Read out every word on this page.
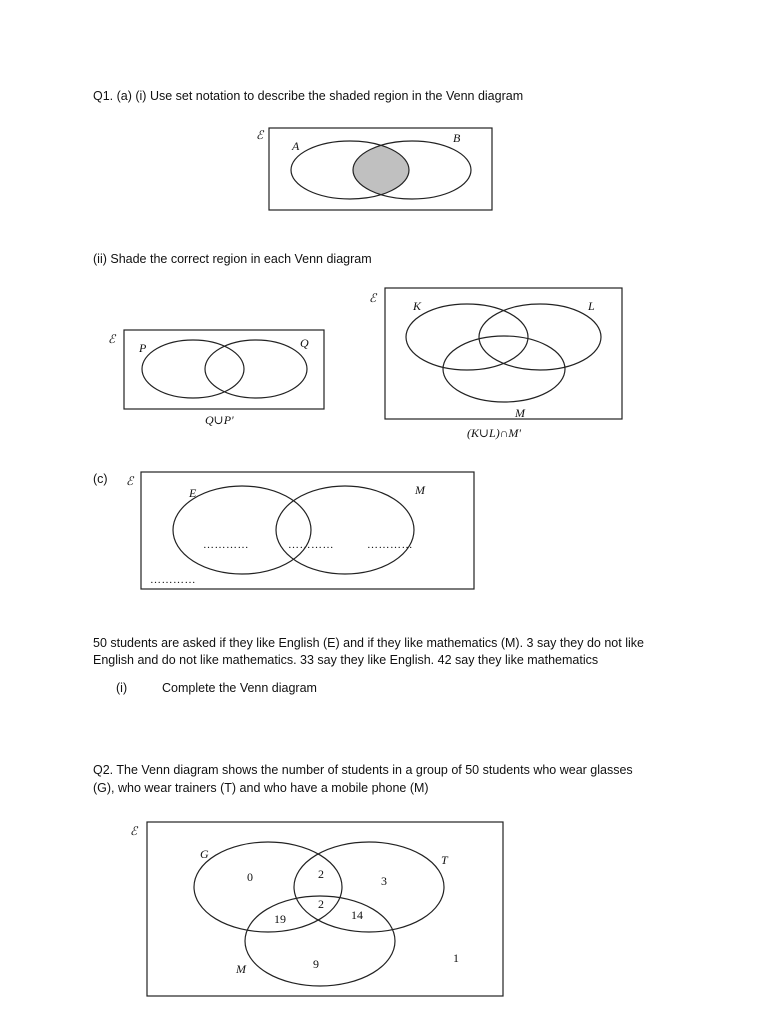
Q1. (a) (i) Use set notation to describe the shaded region in the Venn diagram
(ii) Shade the correct region in each Venn diagram
(c)
50 students are asked if they like English (E) and if they like mathematics (M). 3 say they do not like
English and do not like mathematics. 33 say they like English. 42 say they like mathematics
(i)	Complete the Venn diagram
Q2. The Venn diagram shows the number of students in a group of 50 students who wear glasses
(G), who wear trainers (T) and who have a mobile phone (M)
ℰ
A
B
ℰ
P	Q
Q∪P'
ℰ
K	L
M
(K∪L)∩M'
ℰ
E	M
…………	…………	…………
…………
ℰ
G	T
M
0	2	3
2
19	14
9	1
